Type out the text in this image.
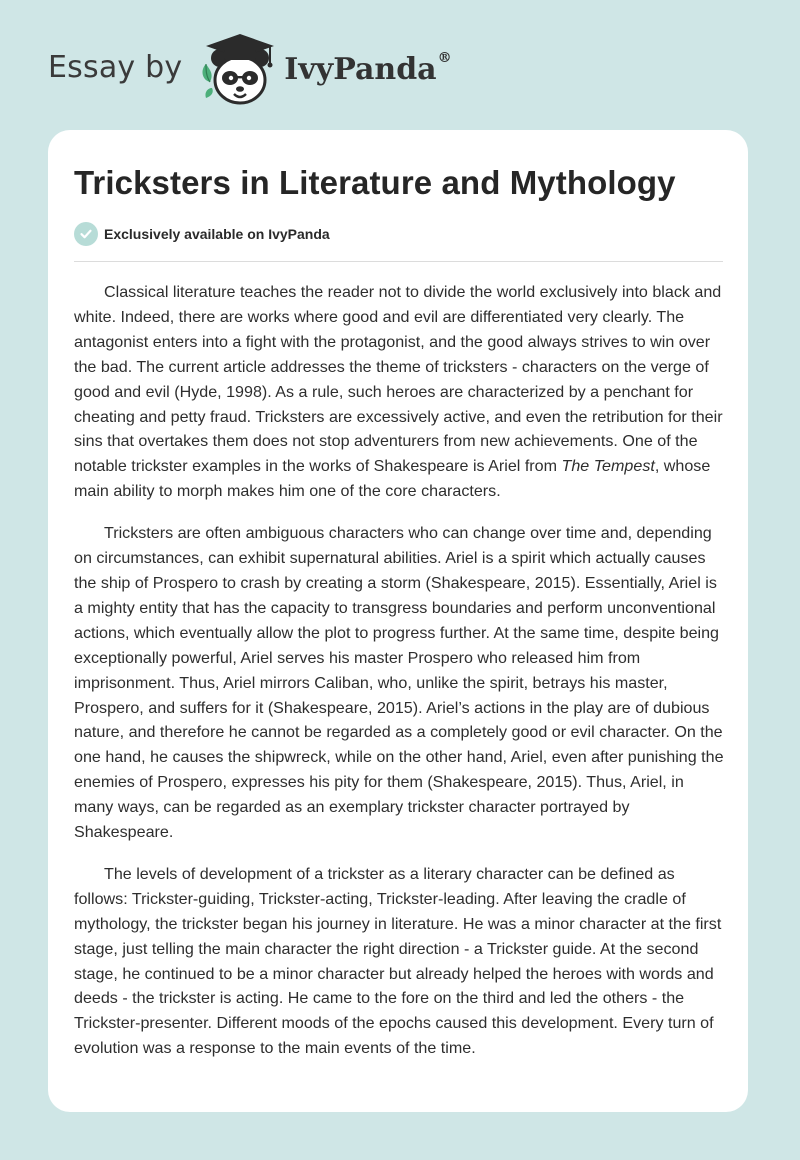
Essay by	IvyPanda®
Tricksters in Literature and Mythology
Exclusively available on IvyPanda

Classical literature teaches the reader not to divide the world exclusively into black and white. Indeed, there are works where good and evil are differentiated very clearly. The antagonist enters into a fight with the protagonist, and the good always strives to win over the bad. The current article addresses the theme of tricksters - characters on the verge of good and evil (Hyde, 1998). As a rule, such heroes are characterized by a penchant for cheating and petty fraud. Tricksters are excessively active, and even the retribution for their sins that overtakes them does not stop adventurers from new achievements. One of the notable trickster examples in the works of Shakespeare is Ariel from The Tempest, whose main ability to morph makes him one of the core characters.

Tricksters are often ambiguous characters who can change over time and, depending on circumstances, can exhibit supernatural abilities. Ariel is a spirit which actually causes the ship of Prospero to crash by creating a storm (Shakespeare, 2015). Essentially, Ariel is a mighty entity that has the capacity to transgress boundaries and perform unconventional actions, which eventually allow the plot to progress further. At the same time, despite being exceptionally powerful, Ariel serves his master Prospero who released him from imprisonment. Thus, Ariel mirrors Caliban, who, unlike the spirit, betrays his master, Prospero, and suffers for it (Shakespeare, 2015). Ariel’s actions in the play are of dubious nature, and therefore he cannot be regarded as a completely good or evil character. On the one hand, he causes the shipwreck, while on the other hand, Ariel, even after punishing the enemies of Prospero, expresses his pity for them (Shakespeare, 2015). Thus, Ariel, in many ways, can be regarded as an exemplary trickster character portrayed by Shakespeare.

The levels of development of a trickster as a literary character can be defined as follows: Trickster-guiding, Trickster-acting, Trickster-leading. After leaving the cradle of mythology, the trickster began his journey in literature. He was a minor character at the first stage, just telling the main character the right direction - a Trickster guide. At the second stage, he continued to be a minor character but already helped the heroes with words and deeds - the trickster is acting. He came to the fore on the third and led the others - the Trickster-presenter. Different moods of the epochs caused this development. Every turn of evolution was a response to the main events of the time.
